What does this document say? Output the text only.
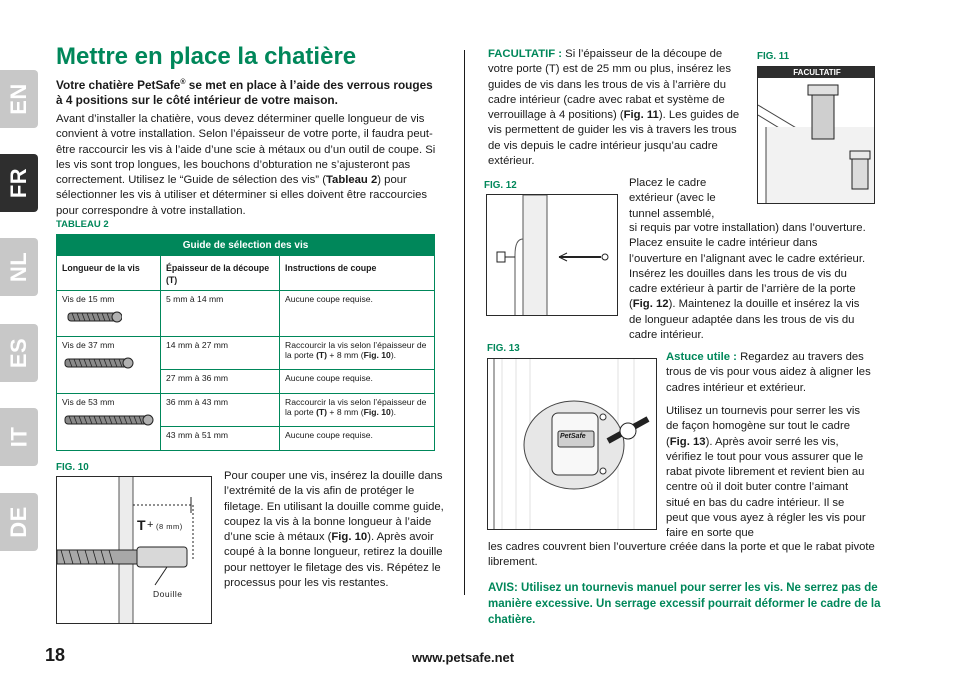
EN
FR
NL
ES
IT
DE
Mettre en place la chatière

Votre chatière PetSafe® se met en place à l’aide des verrous rouges à 4 positions sur le côté intérieur de votre maison.

Avant d’installer la chatière, vous devez déterminer quelle longueur de vis convient à votre installation. Selon l’épaisseur de votre porte, il faudra peut-être raccourcir les vis à l’aide d’une scie à métaux ou d’un outil de coupe. Si les vis sont trop longues, les bouchons d’obturation ne s’ajusteront pas correctement. Utilisez le “Guide de sélection des vis” (Tableau 2) pour sélectionner les vis à utiliser et déterminer si elles doivent être raccourcies pour correspondre à votre installation.

TABLEAU 2
Guide de sélection des vis		
Longueur de la vis	Épaisseur de la découpe (T)	Instructions de coupe
Vis de 15 mm	5 mm à 14 mm	Aucune coupe requise.
Vis de 37 mm	14 mm à 27 mm	Raccourcir la vis selon l’épaisseur de la porte (T) + 8 mm (Fig. 10).
	27 mm à 36 mm	Aucune coupe requise.
Vis de 53 mm	36 mm à 43 mm	Raccourcir la vis selon l’épaisseur de la porte (T) + 8 mm (Fig. 10).
	43 mm à 51 mm	Aucune coupe requise.
FIG. 10
T + (8 mm)
Douille

Pour couper une vis, insérez la douille dans l’extrémité de la vis afin de protéger le filetage. En utilisant la douille comme guide, coupez la vis à la bonne longueur à l’aide d’une scie à métaux (Fig. 10). Après avoir coupé à la bonne longueur, retirez la douille pour nettoyer le filetage des vis. Répétez le processus pour les vis restantes.

FACULTATIF : Si l’épaisseur de la découpe de votre porte (T) est de 25 mm ou plus, insérez les guides de vis dans les trous de vis à l’arrière du cadre intérieur (cadre avec rabat et système de verrouillage à 4 positions) (Fig. 11). Les guides de vis permettent de guider les vis à travers les trous de vis depuis le cadre intérieur jusqu’au cadre extérieur.

FIG. 11
FACULTATIF
FIG. 12	Placez le cadre extérieur (avec le tunnel assemblé,

si requis par votre installation) dans l’ouverture. Placez ensuite le cadre intérieur dans l’ouverture en l’alignant avec le cadre extérieur. Insérez les douilles dans les trous de vis du cadre extérieur à partir de l’arrière de la porte (Fig. 12). Maintenez la douille et insérez la vis de longueur adaptée dans les trous de vis du cadre intérieur.

FIG. 13
PetSafe

Astuce utile : Regardez au travers des trous de vis pour vous aidez à aligner les cadres intérieur et extérieur.

Utilisez un tournevis pour serrer les vis de façon homogène sur tout le cadre (Fig. 13). Après avoir serré les vis, vérifiez le tout pour vous assurer que le rabat pivote librement et revient bien au centre où il doit buter contre l’aimant situé en bas du cadre intérieur. Il se peut que vous ayez à régler les vis pour faire en sorte que

les cadres couvrent bien l’ouverture créée dans la porte et que le rabat pivote librement.

AVIS: Utilisez un tournevis manuel pour serrer les vis. Ne serrez pas de manière excessive. Un serrage excessif pourrait déformer le cadre de la chatière.

18	www.petsafe.net
